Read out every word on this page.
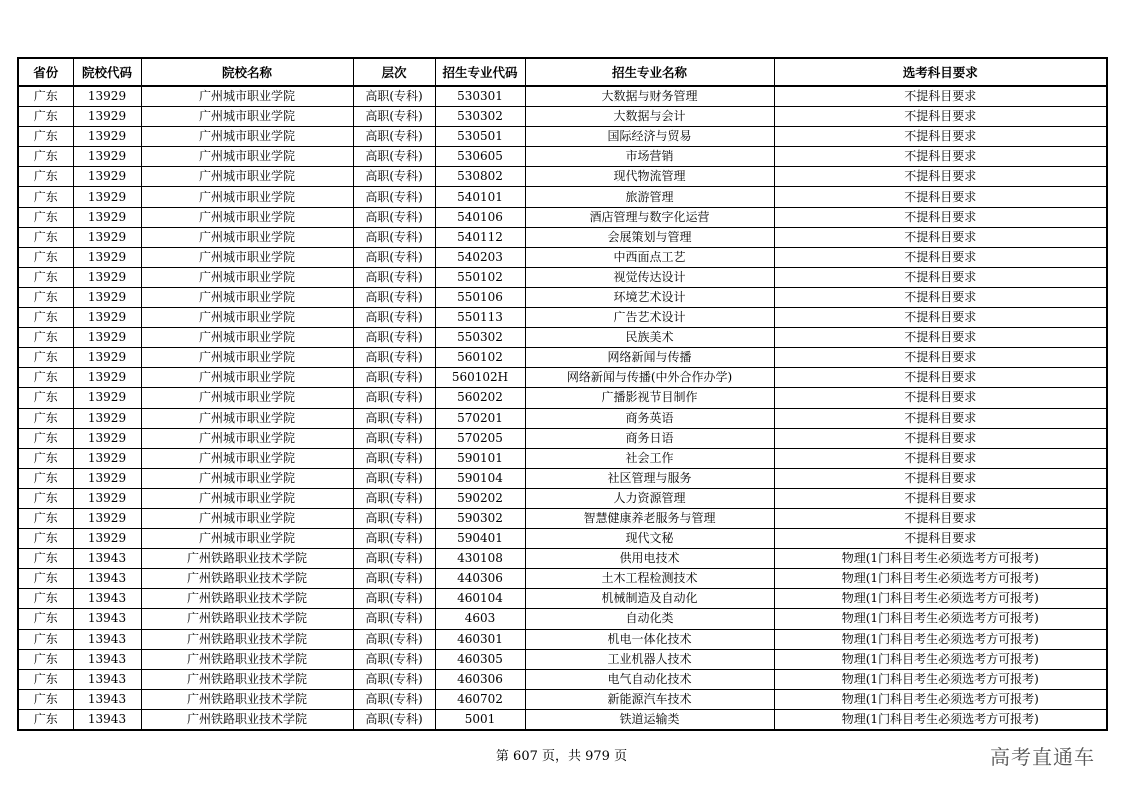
省份	院校代码	院校名称	层次	招生专业代码	招生专业名称	选考科目要求
广东	13929	广州城市职业学院	高职(专科)	530301	大数据与财务管理	不提科目要求
广东	13929	广州城市职业学院	高职(专科)	530302	大数据与会计	不提科目要求
广东	13929	广州城市职业学院	高职(专科)	530501	国际经济与贸易	不提科目要求
广东	13929	广州城市职业学院	高职(专科)	530605	市场营销	不提科目要求
广东	13929	广州城市职业学院	高职(专科)	530802	现代物流管理	不提科目要求
广东	13929	广州城市职业学院	高职(专科)	540101	旅游管理	不提科目要求
广东	13929	广州城市职业学院	高职(专科)	540106	酒店管理与数字化运营	不提科目要求
广东	13929	广州城市职业学院	高职(专科)	540112	会展策划与管理	不提科目要求
广东	13929	广州城市职业学院	高职(专科)	540203	中西面点工艺	不提科目要求
广东	13929	广州城市职业学院	高职(专科)	550102	视觉传达设计	不提科目要求
广东	13929	广州城市职业学院	高职(专科)	550106	环境艺术设计	不提科目要求
广东	13929	广州城市职业学院	高职(专科)	550113	广告艺术设计	不提科目要求
广东	13929	广州城市职业学院	高职(专科)	550302	民族美术	不提科目要求
广东	13929	广州城市职业学院	高职(专科)	560102	网络新闻与传播	不提科目要求
广东	13929	广州城市职业学院	高职(专科)	560102H	网络新闻与传播(中外合作办学)	不提科目要求
广东	13929	广州城市职业学院	高职(专科)	560202	广播影视节目制作	不提科目要求
广东	13929	广州城市职业学院	高职(专科)	570201	商务英语	不提科目要求
广东	13929	广州城市职业学院	高职(专科)	570205	商务日语	不提科目要求
广东	13929	广州城市职业学院	高职(专科)	590101	社会工作	不提科目要求
广东	13929	广州城市职业学院	高职(专科)	590104	社区管理与服务	不提科目要求
广东	13929	广州城市职业学院	高职(专科)	590202	人力资源管理	不提科目要求
广东	13929	广州城市职业学院	高职(专科)	590302	智慧健康养老服务与管理	不提科目要求
广东	13929	广州城市职业学院	高职(专科)	590401	现代文秘	不提科目要求
广东	13943	广州铁路职业技术学院	高职(专科)	430108	供用电技术	物理(1门科目考生必须选考方可报考)
广东	13943	广州铁路职业技术学院	高职(专科)	440306	土木工程检测技术	物理(1门科目考生必须选考方可报考)
广东	13943	广州铁路职业技术学院	高职(专科)	460104	机械制造及自动化	物理(1门科目考生必须选考方可报考)
广东	13943	广州铁路职业技术学院	高职(专科)	4603	自动化类	物理(1门科目考生必须选考方可报考)
广东	13943	广州铁路职业技术学院	高职(专科)	460301	机电一体化技术	物理(1门科目考生必须选考方可报考)
广东	13943	广州铁路职业技术学院	高职(专科)	460305	工业机器人技术	物理(1门科目考生必须选考方可报考)
广东	13943	广州铁路职业技术学院	高职(专科)	460306	电气自动化技术	物理(1门科目考生必须选考方可报考)
广东	13943	广州铁路职业技术学院	高职(专科)	460702	新能源汽车技术	物理(1门科目考生必须选考方可报考)
广东	13943	广州铁路职业技术学院	高职(专科)	5001	铁道运输类	物理(1门科目考生必须选考方可报考)
第 607 页，共 979 页	高考直通车
